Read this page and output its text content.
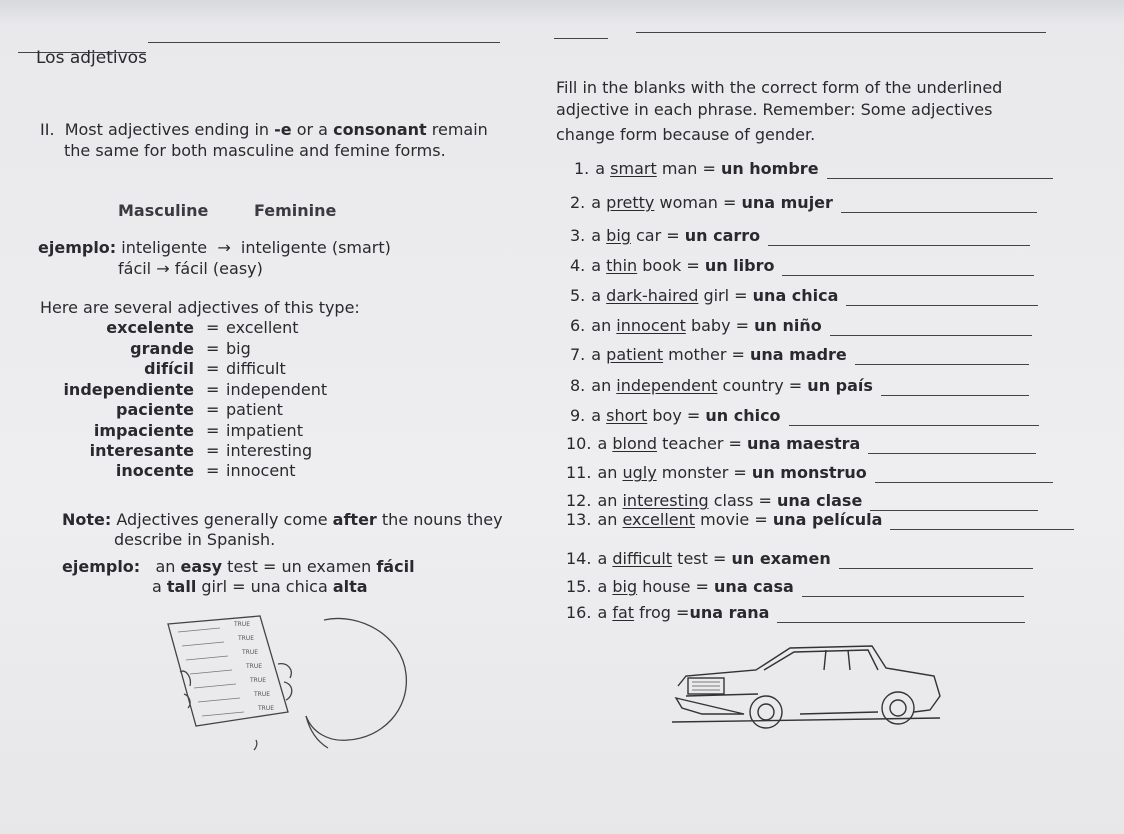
Los adjetivos
II. Most adjectives ending in -e or a consonant remain
the same for both masculine and femine forms.
Masculine	Feminine
ejemplo: inteligente → inteligente (smart)
fácil → fácil (easy)
Here are several adjectives of this type:
excelente = excellent
grande = big
difícil = difficult
independiente = independent
paciente = patient
impaciente = impatient
interesante = interesting
inocente = innocent
Note: Adjectives generally come after the nouns they
describe in Spanish.
ejemplo: an easy test = un examen fácil
a tall girl = una chica alta
Fill in the blanks with the correct form of the underlined
adjective in each phrase. Remember: Some adjectives
change form because of gender.
1. a smart man = un hombre
2. a pretty woman = una mujer
3. a big car = un carro
4. a thin book = un libro
5. a dark-haired girl = una chica
6. an innocent baby = un niño
7. a patient mother = una madre
8. an independent country = un país
9. a short boy = un chico
10. a blond teacher = una maestra
11. an ugly monster = un monstruo
12. an interesting class = una clase
13. an excellent movie = una película
14. a difficult test = un examen
15. a big house = una casa
16. a fat frog =una rana
TRUE
TRUE
TRUE
TRUE
TRUE
TRUE
TRUE
